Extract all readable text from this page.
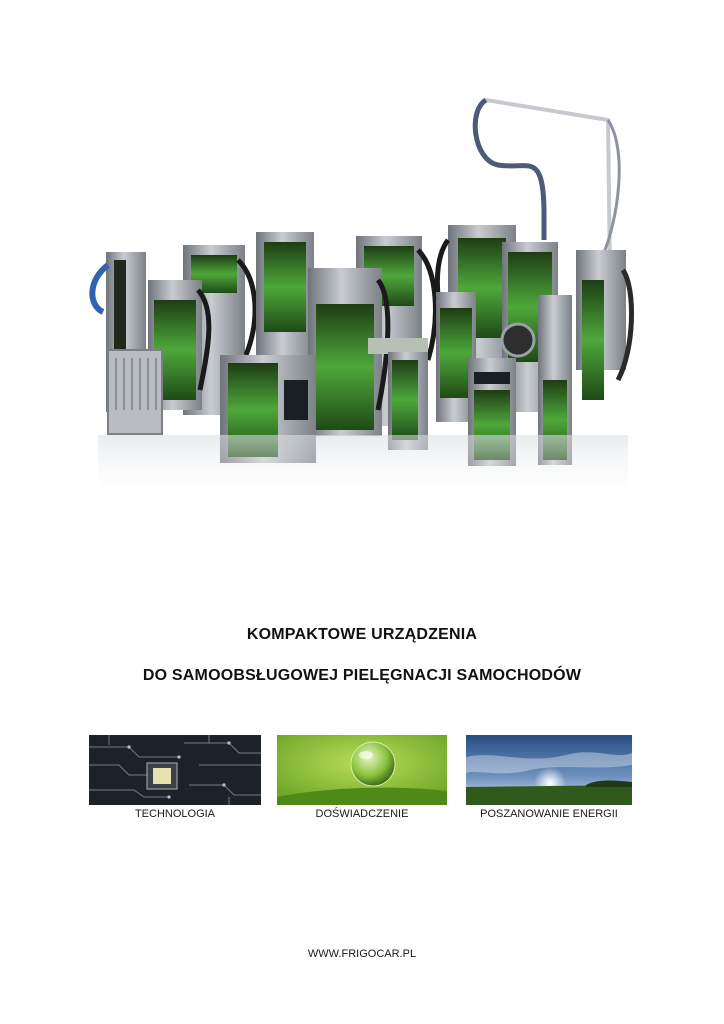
KOMPAKTOWE URZĄDZENIA
DO SAMOOBSŁUGOWEJ PIELĘGNACJI SAMOCHODÓW
TECHNOLOGIA	DOŚWIADCZENIE	POSZANOWANIE ENERGII
WWW.FRIGOCAR.PL
